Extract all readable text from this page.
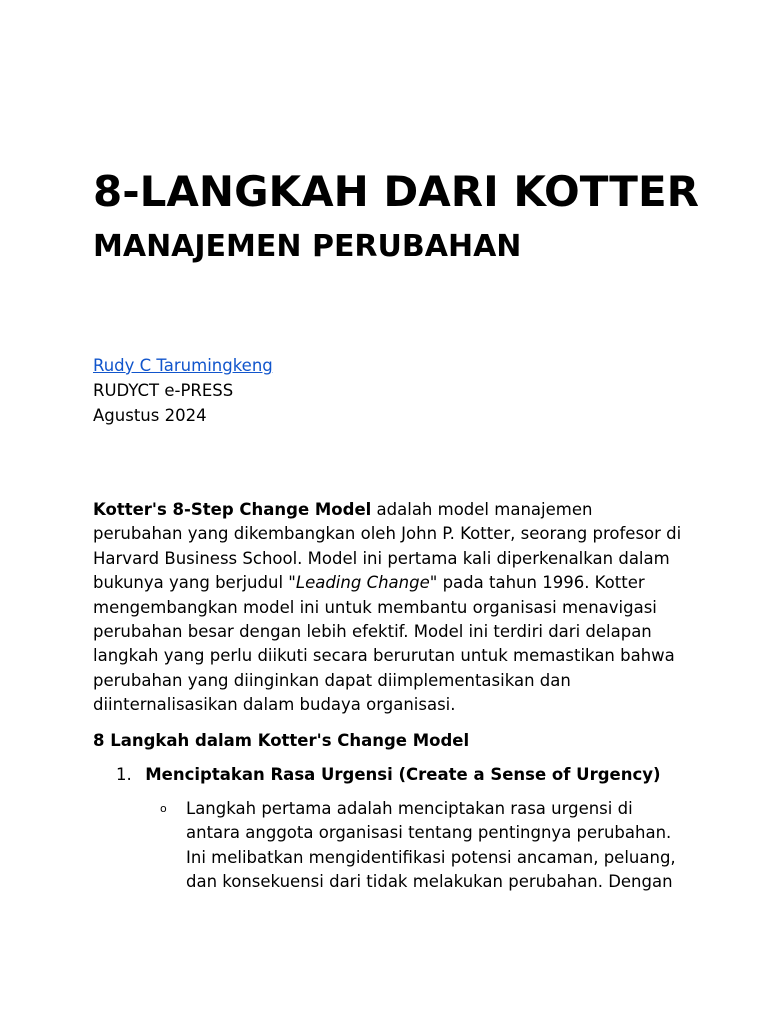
8-LANGKAH DARI KOTTER
MANAJEMEN PERUBAHAN
Rudy C Tarumingkeng
RUDYCT e-PRESS
Agustus 2024

Kotter's 8-Step Change Model adalah model manajemen perubahan yang dikembangkan oleh John P. Kotter, seorang profesor di Harvard Business School. Model ini pertama kali diperkenalkan dalam bukunya yang berjudul "Leading Change" pada tahun 1996. Kotter mengembangkan model ini untuk membantu organisasi menavigasi perubahan besar dengan lebih efektif. Model ini terdiri dari delapan langkah yang perlu diikuti secara berurutan untuk memastikan bahwa perubahan yang diinginkan dapat diimplementasikan dan diinternalisasikan dalam budaya organisasi.

8 Langkah dalam Kotter's Change Model
1. Menciptakan Rasa Urgensi (Create a Sense of Urgency)
o Langkah pertama adalah menciptakan rasa urgensi di antara anggota organisasi tentang pentingnya perubahan. Ini melibatkan mengidentifikasi potensi ancaman, peluang, dan konsekuensi dari tidak melakukan perubahan. Dengan
